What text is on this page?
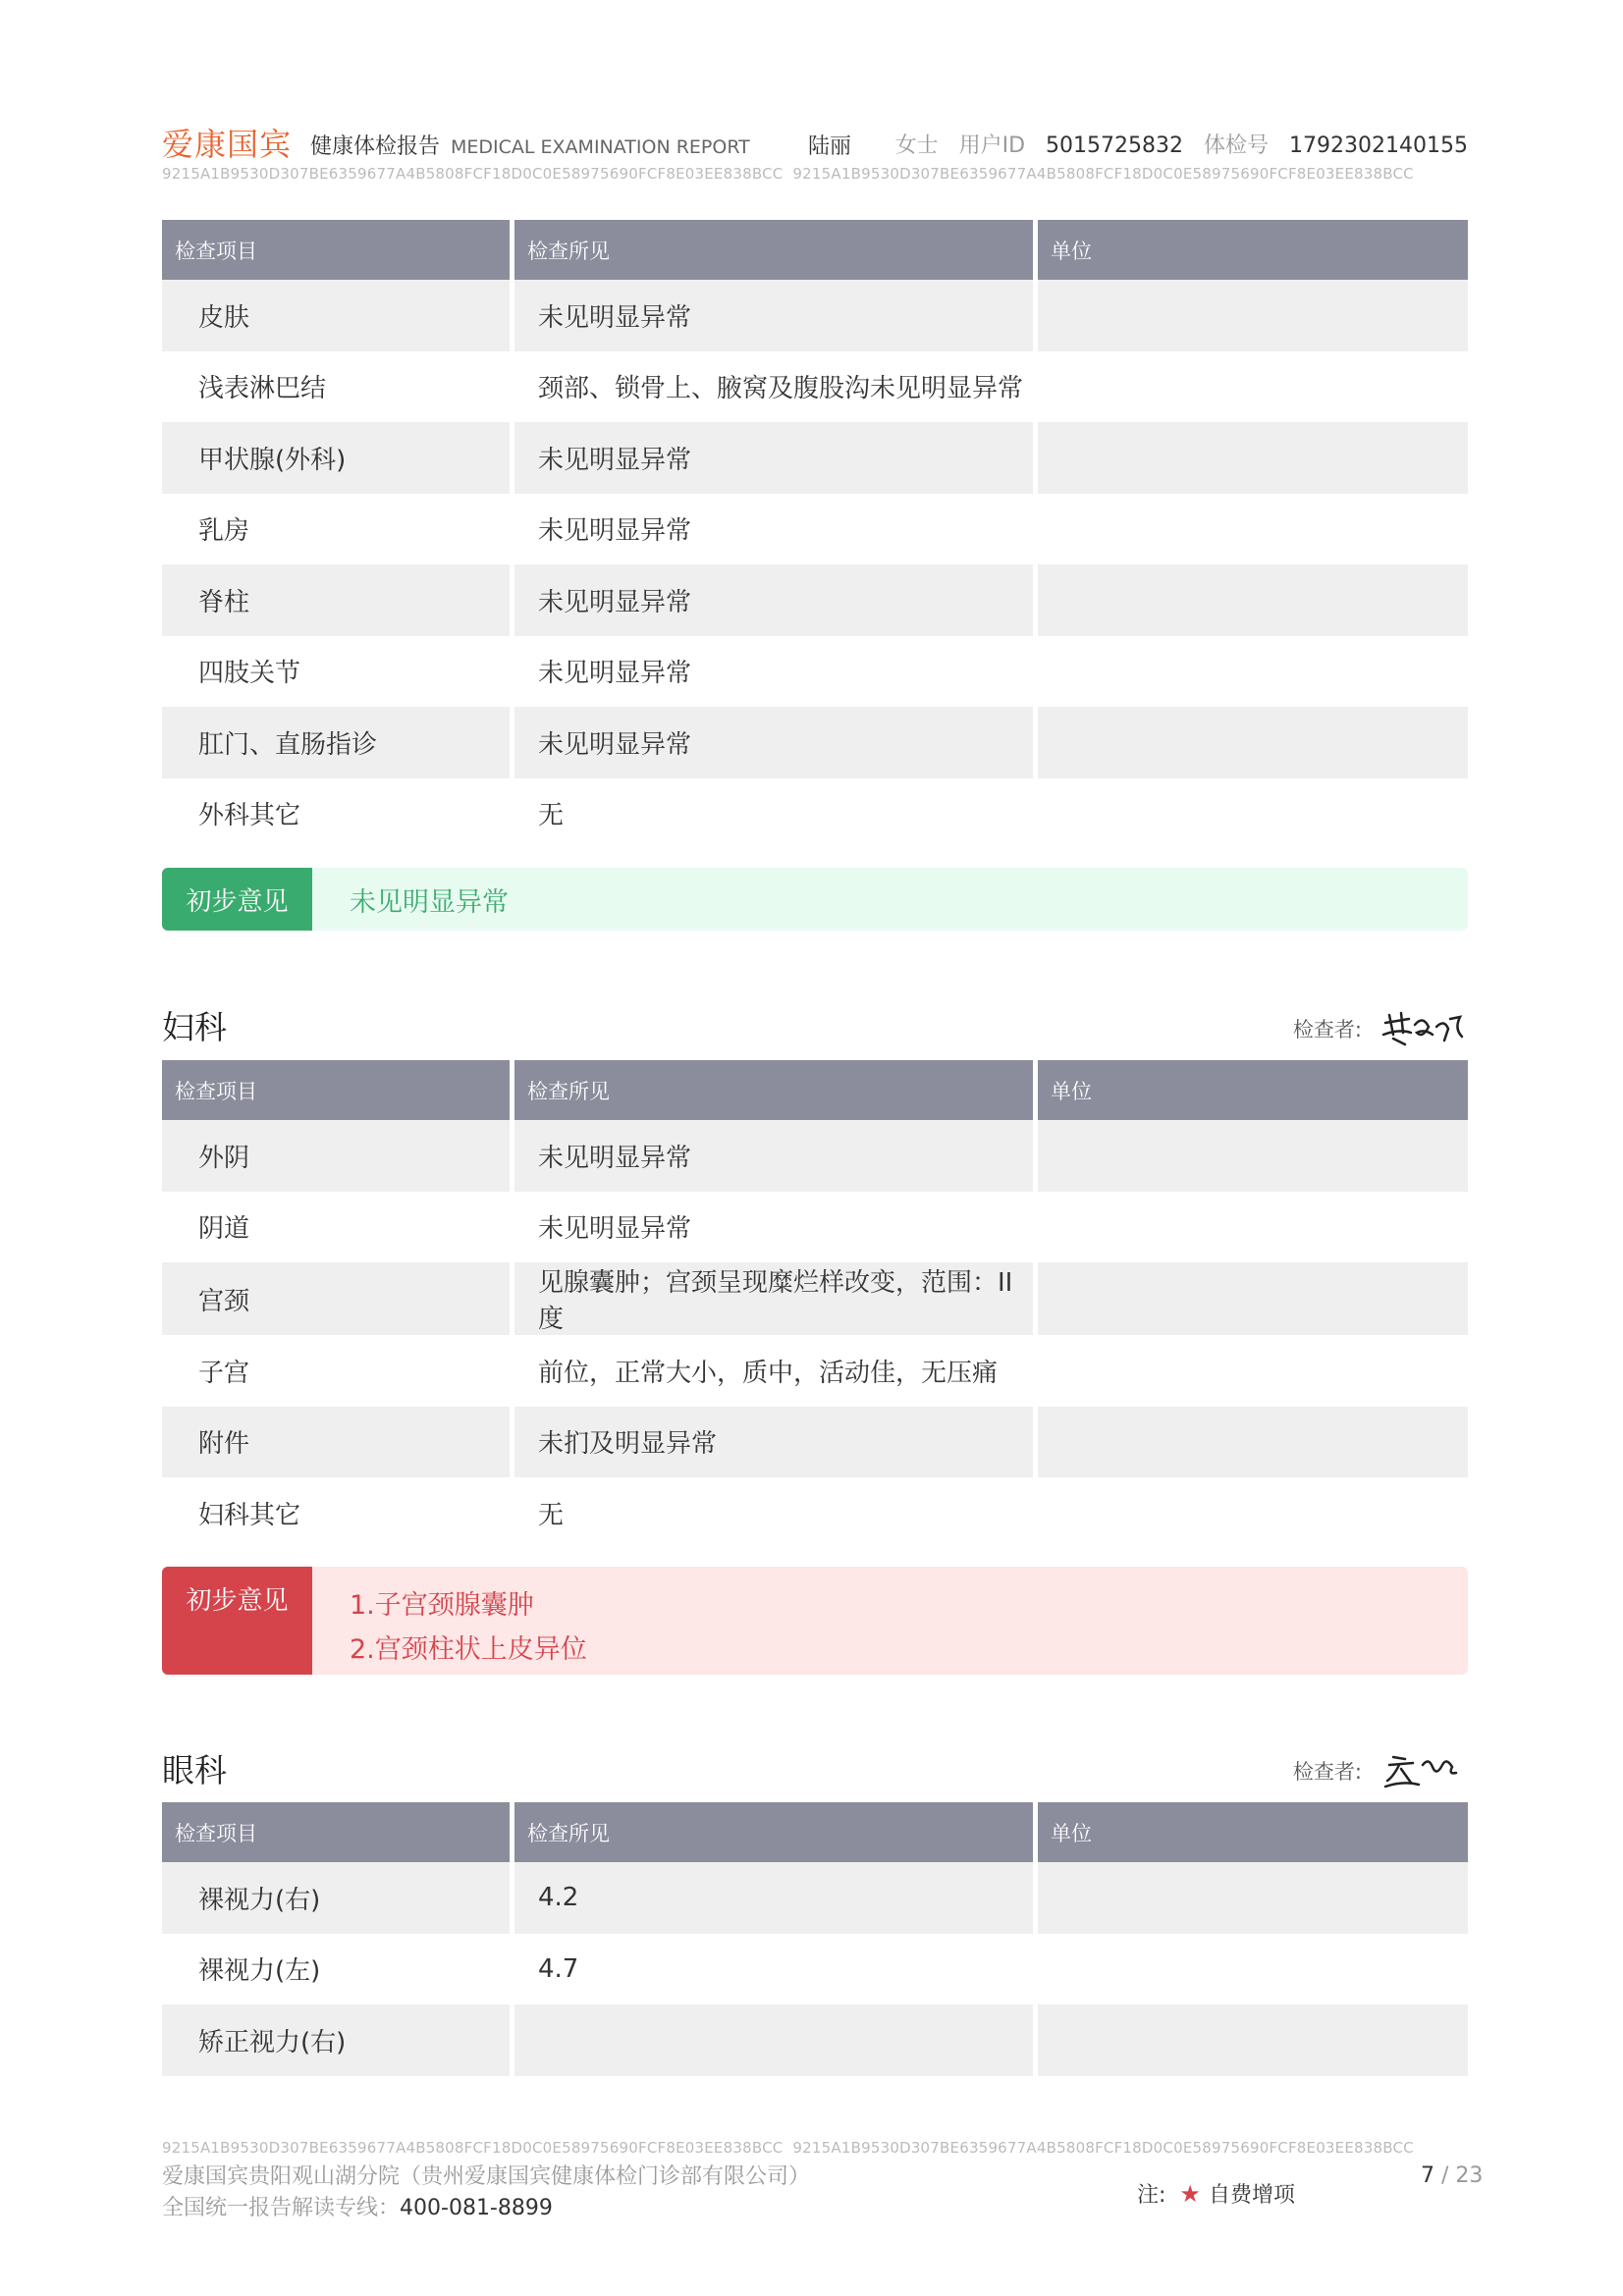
爱康国宾 健康体检报告 MEDICAL EXAMINATION REPORT	陆丽 女士 用户ID 5015725832 体检号 1792302140155
9215A1B9530D307BE6359677A4B5808FCF18D0C0E58975690FCF8E03EE838BCC 9215A1B9530D307BE6359677A4B5808FCF18D0C0E58975690FCF8E03EE838BCC
检查项目		检查所见		单位
皮肤		未见明显异常		
浅表淋巴结		颈部、锁骨上、腋窝及腹股沟未见明显异常		
甲状腺(外科)		未见明显异常		
乳房		未见明显异常		
脊柱		未见明显异常		
四肢关节		未见明显异常		
肛门、直肠指诊		未见明显异常		
外科其它		无		
初步意见	未见明显异常
妇科	检查者:
检查项目		检查所见		单位
外阴		未见明显异常		
阴道		未见明显异常		
宫颈		见腺囊肿；宫颈呈现糜烂样改变，范围：II度		
子宫		前位，正常大小，质中，活动佳，无压痛		
附件		未扪及明显异常		
妇科其它		无		
初步意见	1.子宫颈腺囊肿
2.宫颈柱状上皮异位
眼科	检查者:
检查项目		检查所见		单位
裸视力(右)		4.2		
裸视力(左)		4.7		
矫正视力(右)				
9215A1B9530D307BE6359677A4B5808FCF18D0C0E58975690FCF8E03EE838BCC 9215A1B9530D307BE6359677A4B5808FCF18D0C0E58975690FCF8E03EE838BCC
爱康国宾贵阳观山湖分院（贵州爱康国宾健康体检门诊部有限公司）
全国统一报告解读专线：400-081-8899
注: ★ 自费增项
7 / 23
